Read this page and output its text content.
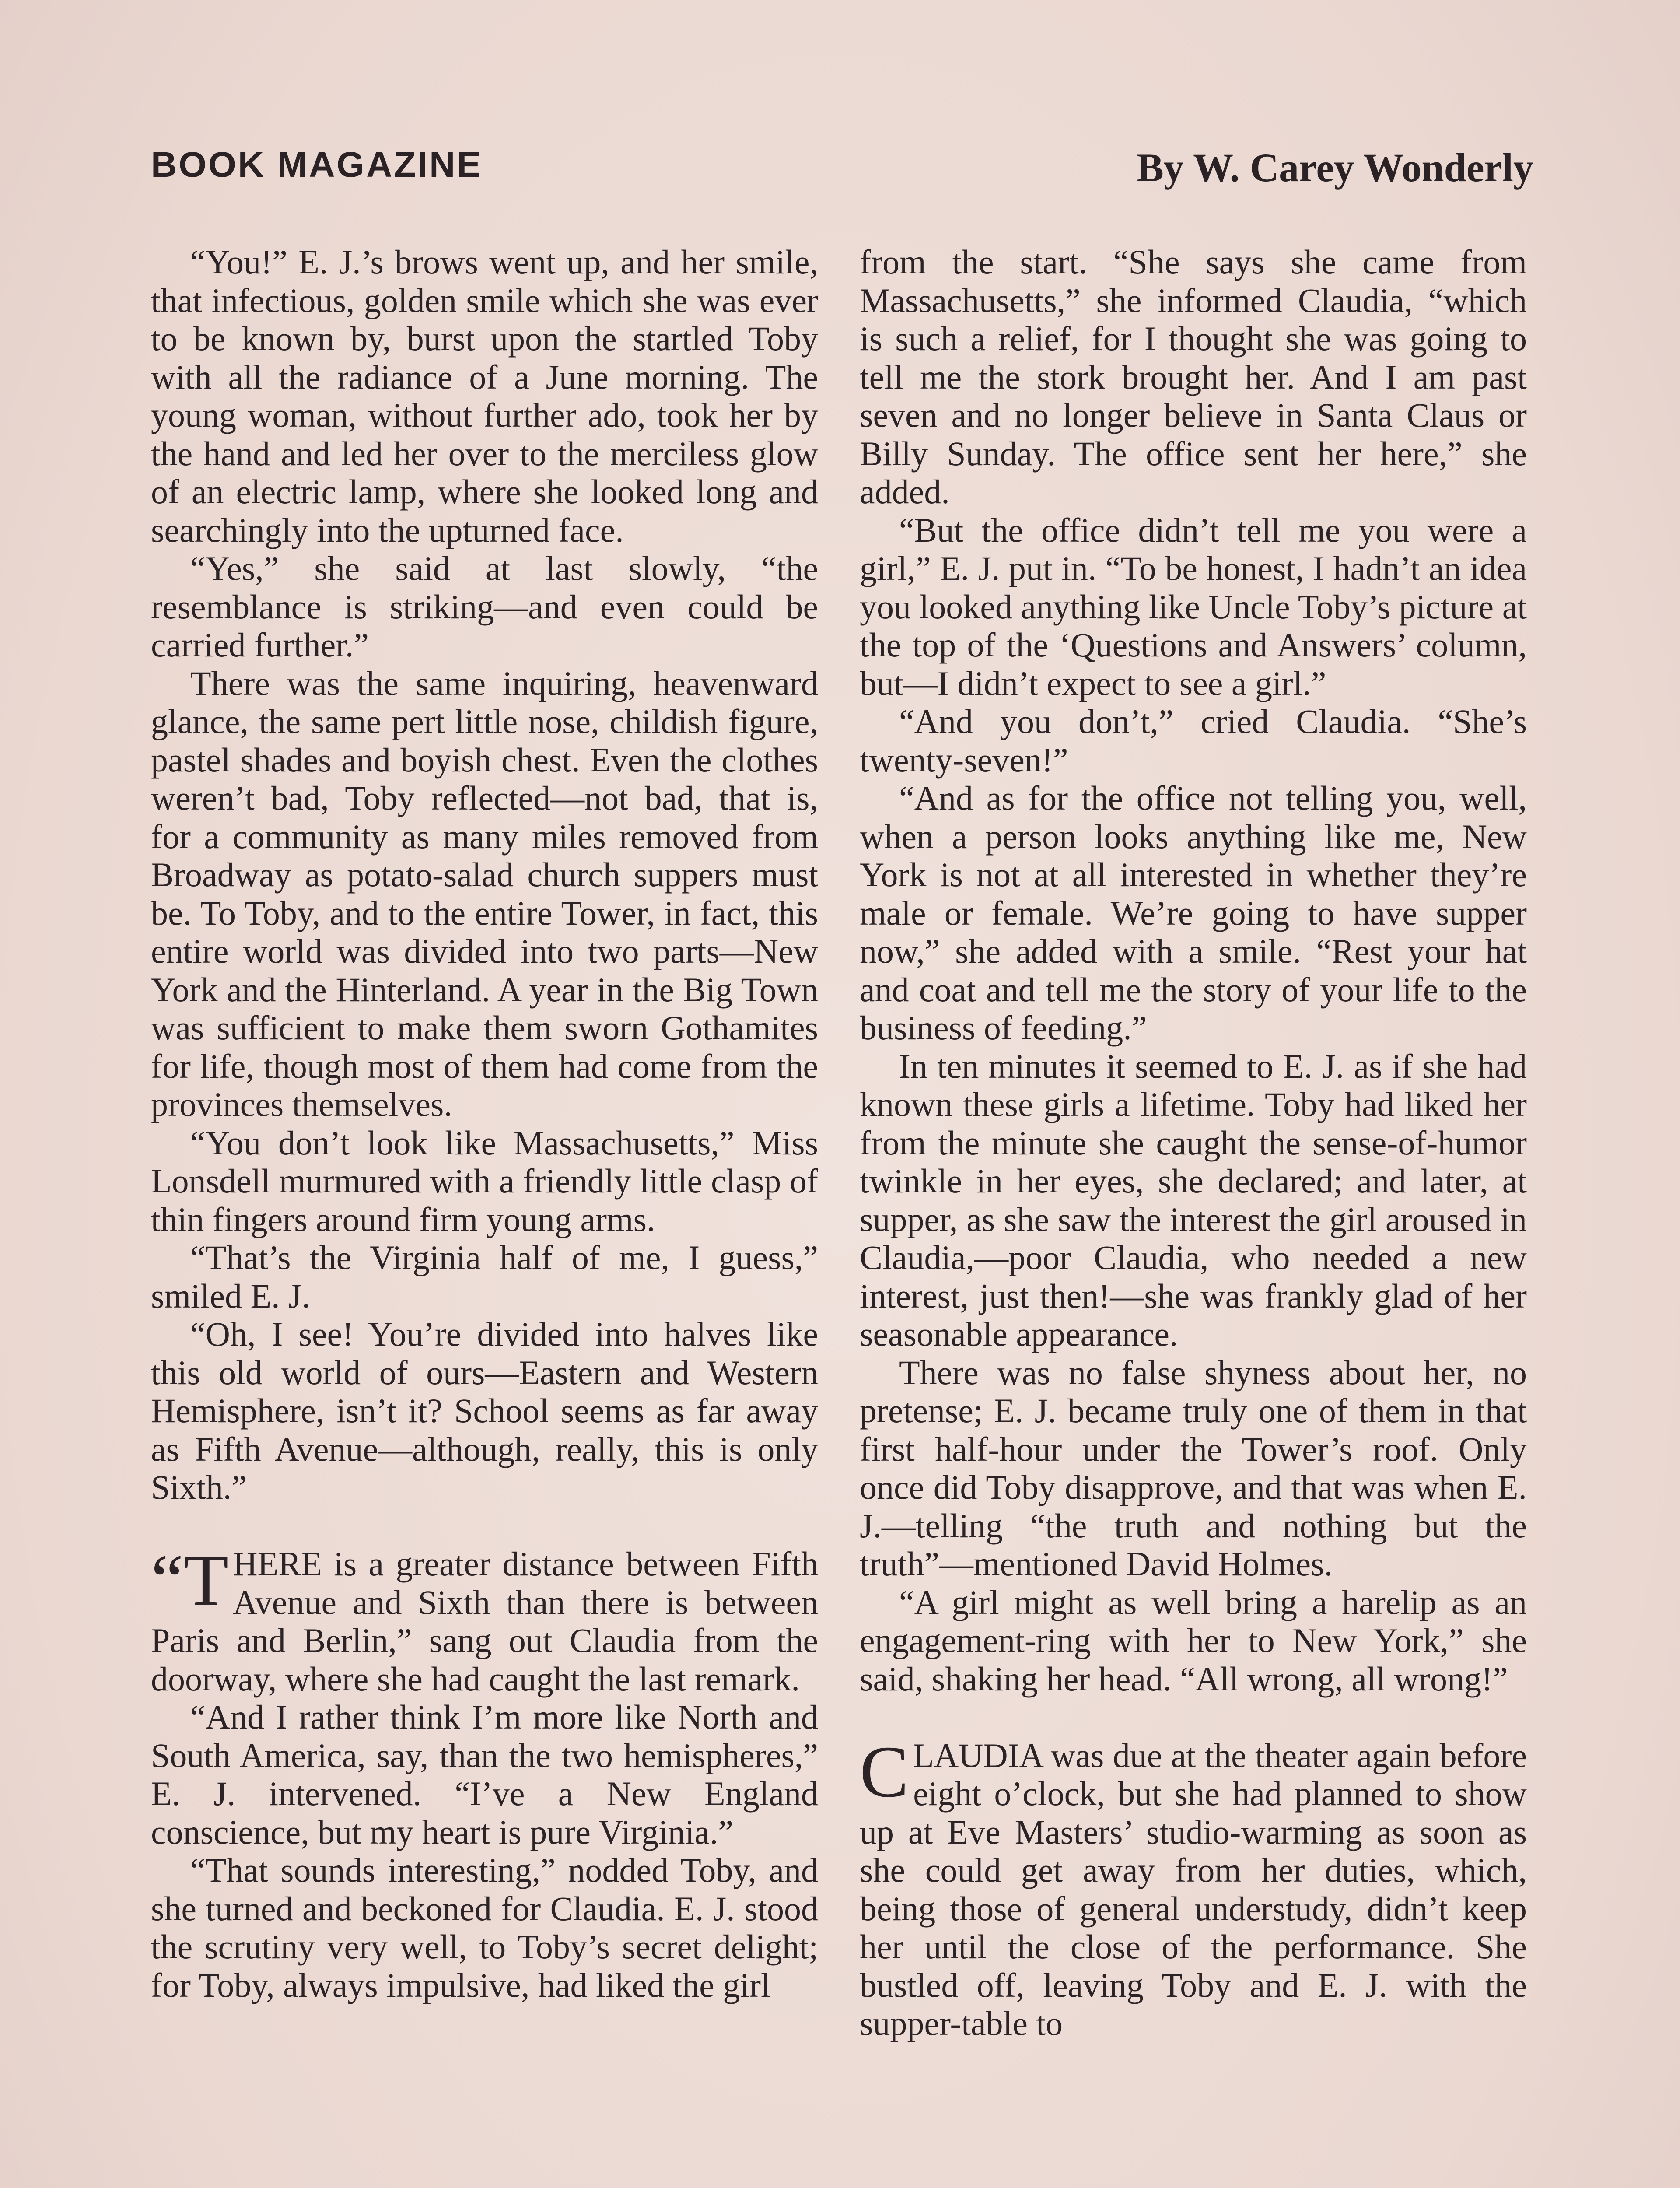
BOOK MAGAZINE	By W. Carey Wonderly

“You!” E. J.’s brows went up, and her smile, that infectious, golden smile which she was ever to be known by, burst upon the startled Toby with all the radiance of a June morning. The young woman, without further ado, took her by the hand and led her over to the merciless glow of an electric lamp, where she looked long and searchingly into the upturned face.

“Yes,” she said at last slowly, “the resemblance is striking—and even could be carried further.”

There was the same inquiring, heavenward glance, the same pert little nose, childish figure, pastel shades and boyish chest. Even the clothes weren’t bad, Toby reflected—not bad, that is, for a community as many miles removed from Broadway as potato-salad church suppers must be. To Toby, and to the entire Tower, in fact, this entire world was divided into two parts—New York and the Hinterland. A year in the Big Town was sufficient to make them sworn Gothamites for life, though most of them had come from the provinces themselves.

“You don’t look like Massachusetts,” Miss Lonsdell murmured with a friendly little clasp of thin fingers around firm young arms.

“That’s the Virginia half of me, I guess,” smiled E. J.

“Oh, I see! You’re divided into halves like this old world of ours—Eastern and Western Hemisphere, isn’t it? School seems as far away as Fifth Avenue—although, really, this is only Sixth.”

“THERE is a greater distance between Fifth Avenue and Sixth than there is between Paris and Berlin,” sang out Claudia from the doorway, where she had caught the last remark.

“And I rather think I’m more like North and South America, say, than the two hemispheres,” E. J. intervened. “I’ve a New England conscience, but my heart is pure Virginia.”

“That sounds interesting,” nodded Toby, and she turned and beckoned for Claudia. E. J. stood the scrutiny very well, to Toby’s secret delight; for Toby, always impulsive, had liked the girl

from the start. “She says she came from Massachusetts,” she informed Claudia, “which is such a relief, for I thought she was going to tell me the stork brought her. And I am past seven and no longer believe in Santa Claus or Billy Sunday. The office sent her here,” she added.

“But the office didn’t tell me you were a girl,” E. J. put in. “To be honest, I hadn’t an idea you looked anything like Uncle Toby’s picture at the top of the ‘Questions and Answers’ column, but—I didn’t expect to see a girl.”

“And you don’t,” cried Claudia. “She’s twenty-seven!”

“And as for the office not telling you, well, when a person looks anything like me, New York is not at all interested in whether they’re male or female. We’re going to have supper now,” she added with a smile. “Rest your hat and coat and tell me the story of your life to the business of feeding.”

In ten minutes it seemed to E. J. as if she had known these girls a lifetime. Toby had liked her from the minute she caught the sense-of-humor twinkle in her eyes, she declared; and later, at supper, as she saw the interest the girl aroused in Claudia,—poor Claudia, who needed a new interest, just then!—she was frankly glad of her seasonable appearance.

There was no false shyness about her, no pretense; E. J. became truly one of them in that first half-hour under the Tower’s roof. Only once did Toby disapprove, and that was when E. J.—telling “the truth and nothing but the truth”—mentioned David Holmes.

“A girl might as well bring a harelip as an engagement-ring with her to New York,” she said, shaking her head. “All wrong, all wrong!”

CLAUDIA was due at the theater again before eight o’clock, but she had planned to show up at Eve Masters’ studio-warming as soon as she could get away from her duties, which, being those of general understudy, didn’t keep her until the close of the performance. She bustled off, leaving Toby and E. J. with the supper-table to
